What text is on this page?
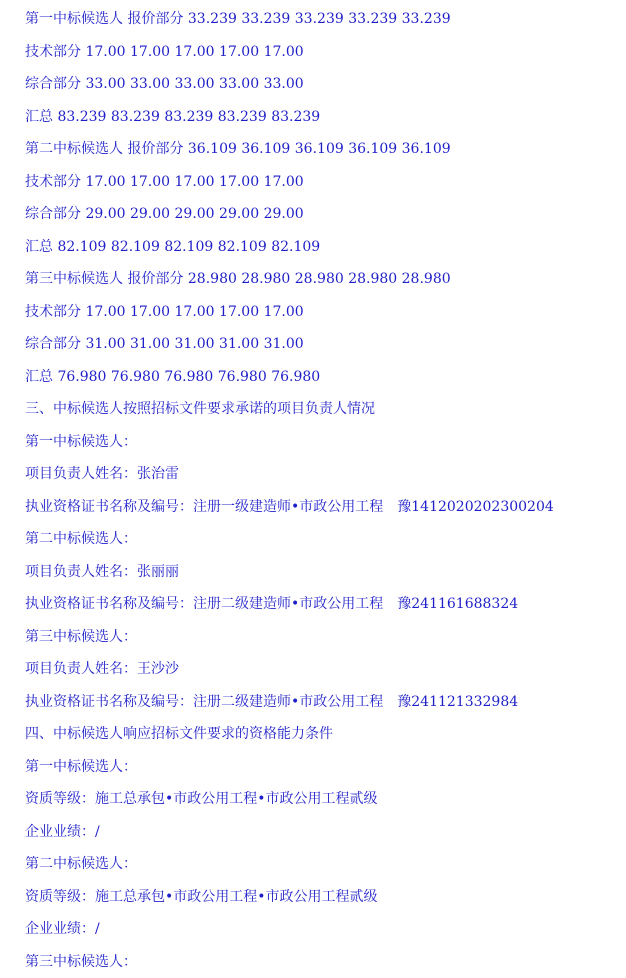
第一中标候选人 报价部分 33.239 33.239 33.239 33.239 33.239
技术部分 17.00 17.00 17.00 17.00 17.00
综合部分 33.00 33.00 33.00 33.00 33.00
汇总 83.239 83.239 83.239 83.239 83.239
第二中标候选人 报价部分 36.109 36.109 36.109 36.109 36.109
技术部分 17.00 17.00 17.00 17.00 17.00
综合部分 29.00 29.00 29.00 29.00 29.00
汇总 82.109 82.109 82.109 82.109 82.109
第三中标候选人 报价部分 28.980 28.980 28.980 28.980 28.980
技术部分 17.00 17.00 17.00 17.00 17.00
综合部分 31.00 31.00 31.00 31.00 31.00
汇总 76.980 76.980 76.980 76.980 76.980
三、中标候选人按照招标文件要求承诺的项目负责人情况
第一中标候选人：
项目负责人姓名：张治雷
执业资格证书名称及编号：注册一级建造师•市政公用工程　豫1412020202300204
第二中标候选人：
项目负责人姓名：张丽丽
执业资格证书名称及编号：注册二级建造师•市政公用工程　豫241161688324
第三中标候选人：
项目负责人姓名：王沙沙
执业资格证书名称及编号：注册二级建造师•市政公用工程　豫241121332984
四、中标候选人响应招标文件要求的资格能力条件
第一中标候选人：
资质等级：施工总承包•市政公用工程•市政公用工程贰级
企业业绩：/
第二中标候选人：
资质等级：施工总承包•市政公用工程•市政公用工程贰级
企业业绩：/
第三中标候选人：
